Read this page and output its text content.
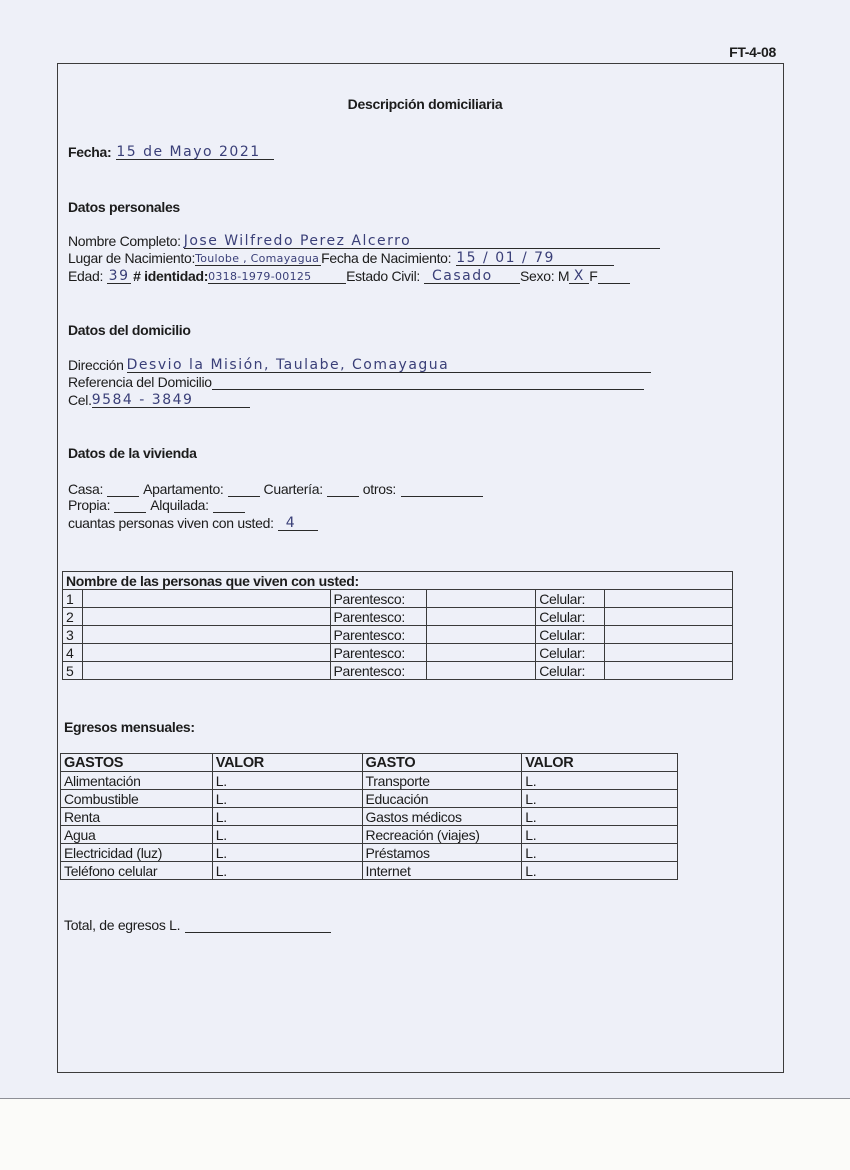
FT-4-08
Descripción domiciliaria
Fecha: 15 de Mayo 2021
Datos personales
Nombre Completo: Jose Wilfredo Perez Alcerro
Lugar de Nacimiento: Toulobe , Comayagua Fecha de Nacimiento: 15 / 01 / 79
Edad: 39 # identidad: 0318-1979-00125	Estado Civil: Casado	Sexo: M X F
Datos del domicilio
Dirección Desvio la Misión, Taulabe, Comayagua
Referencia del Domicilio
Cel. 9584 - 3849
Datos de la vivienda
Casa:	Apartamento:	Cuartería:	otros:
Propia:	Alquilada:
cuantas personas viven con usted: 4
Nombre de las personas que viven con usted:					
1		Parentesco:		Celular:	
2		Parentesco:		Celular:	
3		Parentesco:		Celular:	
4		Parentesco:		Celular:	
5		Parentesco:		Celular:	
Egresos mensuales:
GASTOS	VALOR	GASTO	VALOR
Alimentación	L.	Transporte	L.
Combustible	L.	Educación	L.
Renta	L.	Gastos médicos	L.
Agua	L.	Recreación (viajes)	L.
Electricidad (luz)	L.	Préstamos	L.
Teléfono celular	L.	Internet	L.
Total, de egresos L.
